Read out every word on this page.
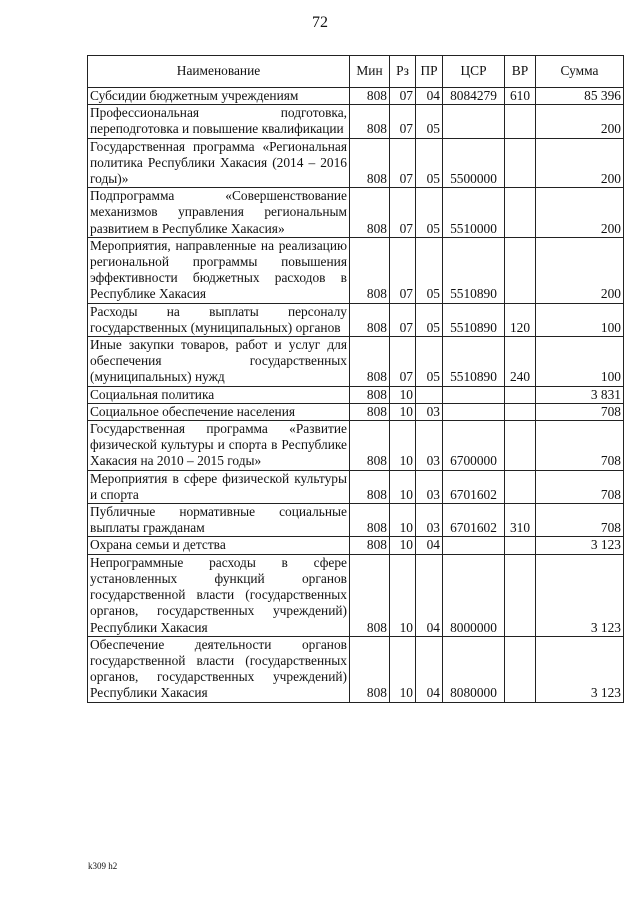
72
Наименование	Мин	Рз	ПР	ЦСР	ВР	Сумма
Субсидии бюджетным учреждениям	808	07	04	8084279	610	85 396
Профессиональная подготовка, переподготовка и повышение квалификации	808	07	05			200
Государственная программа «Региональная политика Республики Хакасия (2014 – 2016 годы)»	808	07	05	5500000		200
Подпрограмма «Совершенствование механизмов управления региональным развитием в Республике Хакасия»	808	07	05	5510000		200
Мероприятия, направленные на реализацию региональной программы повышения эффективности бюджетных расходов в Республике Хакасия	808	07	05	5510890		200
Расходы на выплаты персоналу государственных (муниципальных) органов	808	07	05	5510890	120	100
Иные закупки товаров, работ и услуг для обеспечения государственных (муниципальных) нужд	808	07	05	5510890	240	100
Социальная политика	808	10				3 831
Социальное обеспечение населения	808	10	03			708
Государственная программа «Развитие физической культуры и спорта в Республике Хакасия на 2010 – 2015 годы»	808	10	03	6700000		708
Мероприятия в сфере физической культуры и спорта	808	10	03	6701602		708
Публичные нормативные социальные выплаты гражданам	808	10	03	6701602	310	708
Охрана семьи и детства	808	10	04			3 123
Непрограммные расходы в сфере установленных функций органов государственной власти (государственных органов, государственных учреждений) Республики Хакасия	808	10	04	8000000		3 123
Обеспечение деятельности органов государственной власти (государственных органов, государственных учреждений) Республики Хакасия	808	10	04	8080000		3 123
k309 h2
